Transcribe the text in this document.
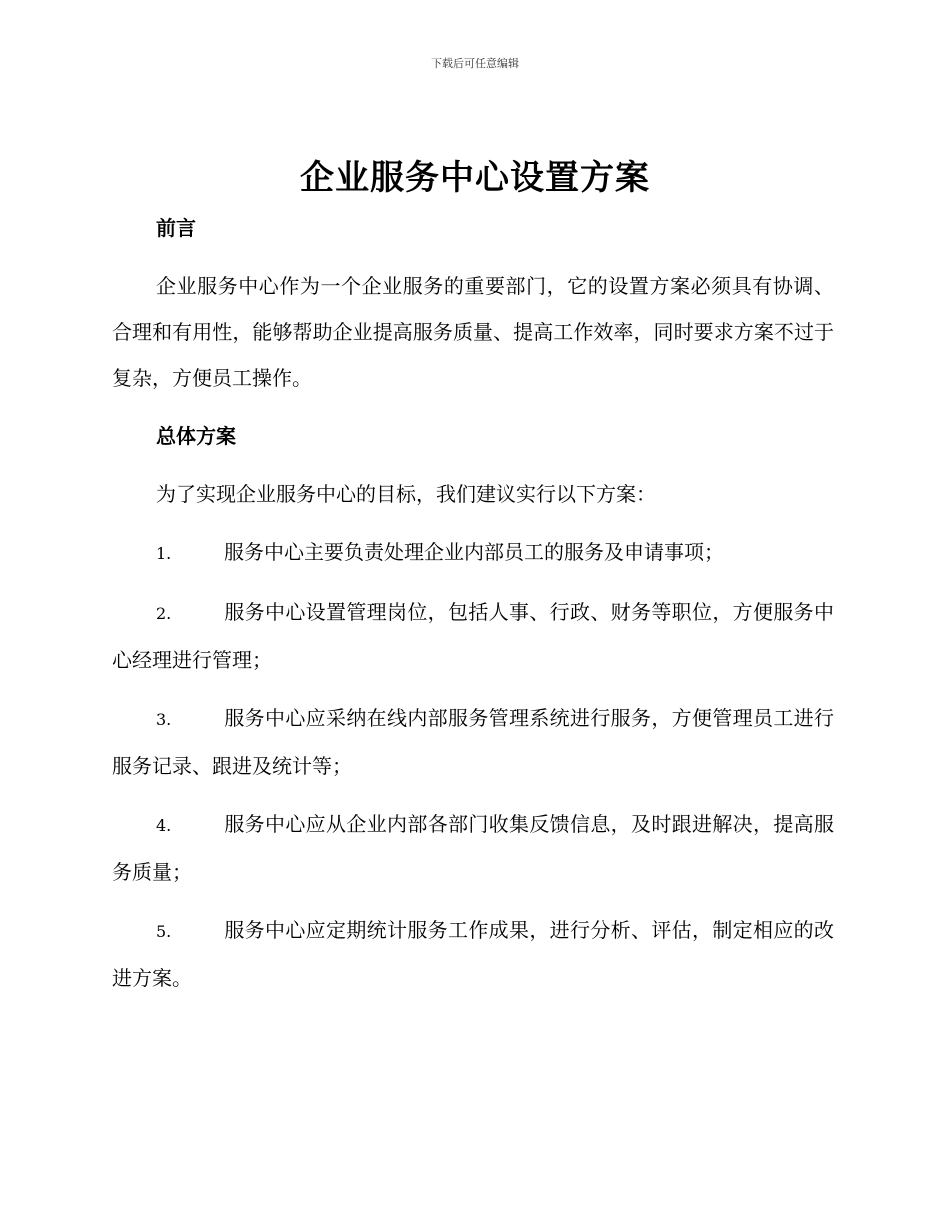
下载后可任意编辑
企业服务中心设置方案

前言

企业服务中心作为一个企业服务的重要部门，它的设置方案必须具有协调、合理和有用性，能够帮助企业提高服务质量、提高工作效率，同时要求方案不过于复杂，方便员工操作。

总体方案

为了实现企业服务中心的目标，我们建议实行以下方案：

1.	服务中心主要负责处理企业内部员工的服务及申请事项；

2.	服务中心设置管理岗位，包括人事、行政、财务等职位，方便服务中心经理进行管理；

3.	服务中心应采纳在线内部服务管理系统进行服务，方便管理员工进行服务记录、跟进及统计等；

4.	服务中心应从企业内部各部门收集反馈信息，及时跟进解决，提高服务质量；

5.	服务中心应定期统计服务工作成果，进行分析、评估，制定相应的改进方案。
